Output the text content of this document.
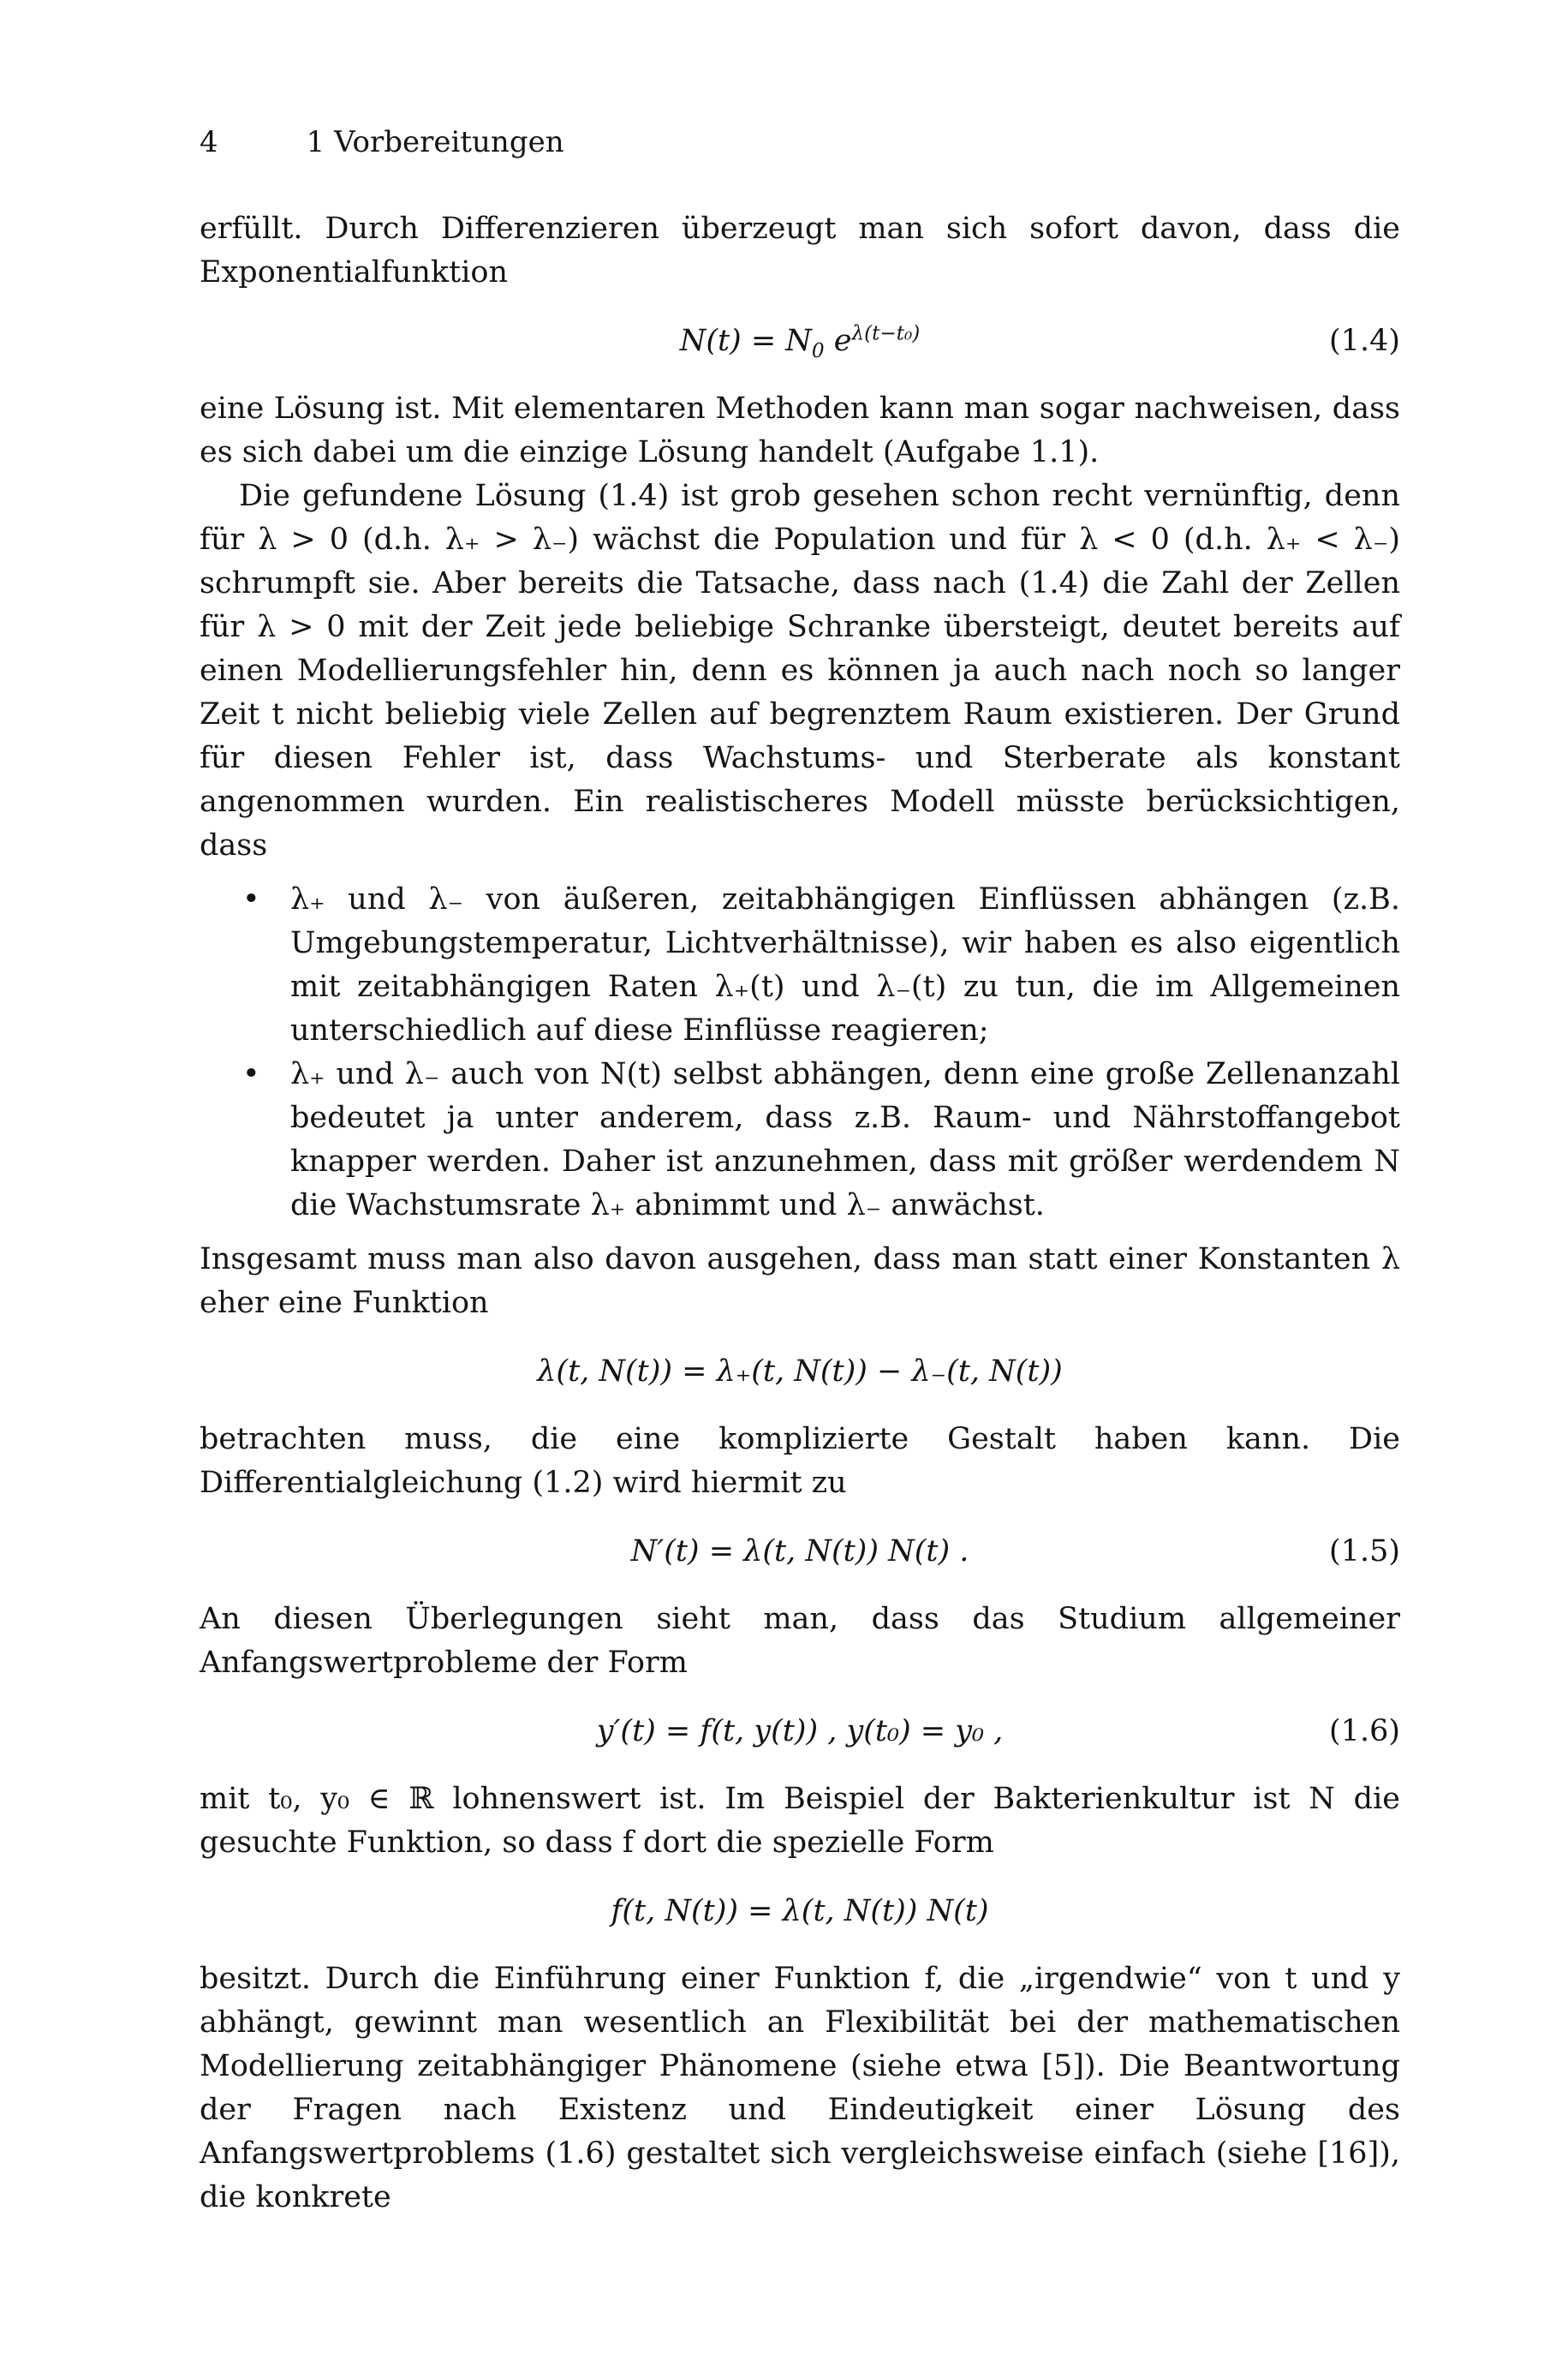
4	1 Vorbereitungen

erfüllt. Durch Differenzieren überzeugt man sich sofort davon, dass die Exponentialfunktion

$N(t) = N_0$ $e^{\lambda(t-t_0)}$	(1.4)

eine Lösung ist. Mit elementaren Methoden kann man sogar nachweisen, dass es sich dabei um die einzige Lösung handelt (Aufgabe 1.1).

Die gefundene Lösung (1.4) ist grob gesehen schon recht vernünftig, denn für λ > 0 (d.h. λ₊ > λ₋) wächst die Population und für λ < 0 (d.h. λ₊ < λ₋) schrumpft sie. Aber bereits die Tatsache, dass nach (1.4) die Zahl der Zellen für λ > 0 mit der Zeit jede beliebige Schranke übersteigt, deutet bereits auf einen Modellierungsfehler hin, denn es können ja auch nach noch so langer Zeit t nicht beliebig viele Zellen auf begrenztem Raum existieren. Der Grund für diesen Fehler ist, dass Wachstums- und Sterberate als konstant angenommen wurden. Ein realistischeres Modell müsste berücksichtigen, dass

•	λ₊ und λ₋ von äußeren, zeitabhängigen Einflüssen abhängen (z.B. Umgebungstemperatur, Lichtverhältnisse), wir haben es also eigentlich mit zeitabhängigen Raten λ₊(t) und λ₋(t) zu tun, die im Allgemeinen unterschiedlich auf diese Einflüsse reagieren;
•	λ₊ und λ₋ auch von N(t) selbst abhängen, denn eine große Zellenanzahl bedeutet ja unter anderem, dass z.B. Raum- und Nährstoffangebot knapper werden. Daher ist anzunehmen, dass mit größer werdendem N die Wachstumsrate λ₊ abnimmt und λ₋ anwächst.

Insgesamt muss man also davon ausgehen, dass man statt einer Konstanten λ eher eine Funktion

λ(t, N(t)) = λ₊(t, N(t)) − λ₋(t, N(t))

betrachten muss, die eine komplizierte Gestalt haben kann. Die Differentialgleichung (1.2) wird hiermit zu

N′(t) = λ(t, N(t)) N(t) .	(1.5)

An diesen Überlegungen sieht man, dass das Studium allgemeiner Anfangswertprobleme der Form

y′(t) = f(t, y(t)) , y(t₀) = y₀ ,	(1.6)

mit t₀, y₀ ∈ ℝ lohnenswert ist. Im Beispiel der Bakterienkultur ist N die gesuchte Funktion, so dass f dort die spezielle Form

f(t, N(t)) = λ(t, N(t)) N(t)

besitzt. Durch die Einführung einer Funktion f, die „irgendwie“ von t und y abhängt, gewinnt man wesentlich an Flexibilität bei der mathematischen Modellierung zeitabhängiger Phänomene (siehe etwa [5]). Die Beantwortung der Fragen nach Existenz und Eindeutigkeit einer Lösung des Anfangswertproblems (1.6) gestaltet sich vergleichsweise einfach (siehe [16]), die konkrete
